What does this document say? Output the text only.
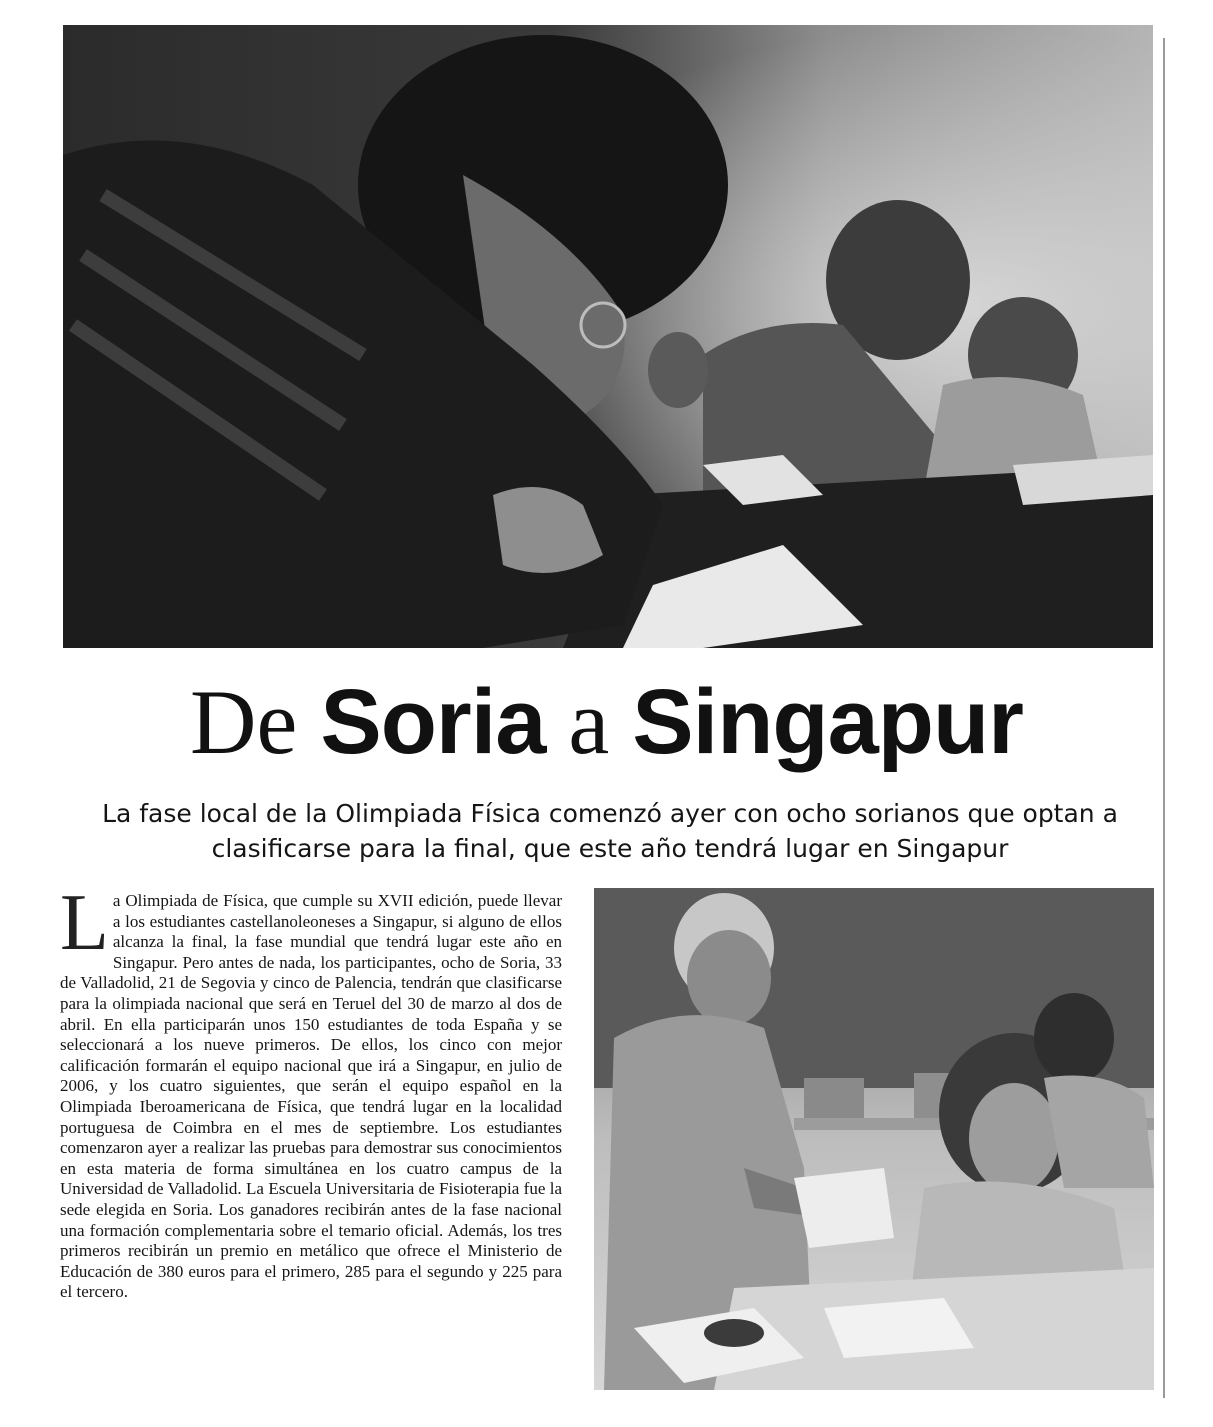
De Soria a Singapur

La fase local de la Olimpiada Física comenzó ayer con ocho sorianos que optan a clasificarse para la final, que este año tendrá lugar en Singapur

La Olimpiada de Física, que cumple su XVII edición, puede llevar a los estudiantes castellanoleoneses a Singapur, si alguno de ellos alcanza la final, la fase mundial que tendrá lugar este año en Singapur. Pero antes de nada, los participantes, ocho de Soria, 33 de Valladolid, 21 de Segovia y cinco de Palencia, tendrán que clasificarse para la olimpiada nacional que será en Teruel del 30 de marzo al dos de abril. En ella participarán unos 150 estudiantes de toda España y se seleccionará a los nueve primeros. De ellos, los cinco con mejor calificación formarán el equipo nacional que irá a Singapur, en julio de 2006, y los cuatro siguientes, que serán el equipo español en la Olimpiada Iberoamericana de Física, que tendrá lugar en la localidad portuguesa de Coimbra en el mes de septiembre. Los estudiantes comenzaron ayer a realizar las pruebas para demostrar sus conocimientos en esta materia de forma simultánea en los cuatro campus de la Universidad de Valladolid. La Escuela Universitaria de Fisioterapia fue la sede elegida en Soria. Los ganadores recibirán antes de la fase nacional una formación complementaria sobre el temario oficial. Además, los tres primeros recibirán un premio en metálico que ofrece el Ministerio de Educación de 380 euros para el primero, 285 para el segundo y 225 para el tercero.
